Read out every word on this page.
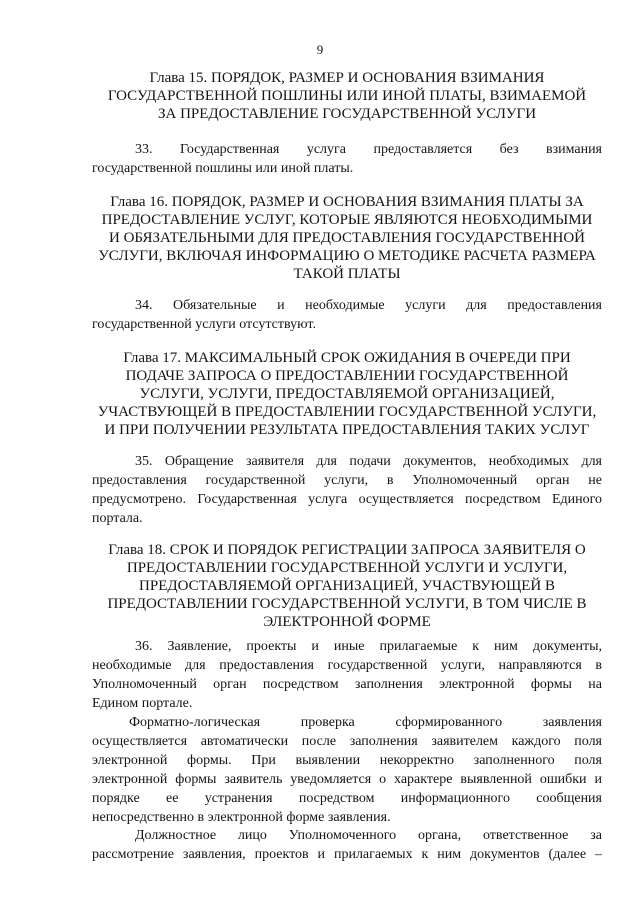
9
Глава 15. ПОРЯДОК, РАЗМЕР И ОСНОВАНИЯ ВЗИМАНИЯ
ГОСУДАРСТВЕННОЙ ПОШЛИНЫ ИЛИ ИНОЙ ПЛАТЫ, ВЗИМАЕМОЙ
ЗА ПРЕДОСТАВЛЕНИЕ ГОСУДАРСТВЕННОЙ УСЛУГИ
33. Государственная услуга предоставляется без взимания
государственной пошлины или иной платы.
Глава 16. ПОРЯДОК, РАЗМЕР И ОСНОВАНИЯ ВЗИМАНИЯ ПЛАТЫ ЗА
ПРЕДОСТАВЛЕНИЕ УСЛУГ, КОТОРЫЕ ЯВЛЯЮТСЯ НЕОБХОДИМЫМИ
И ОБЯЗАТЕЛЬНЫМИ ДЛЯ ПРЕДОСТАВЛЕНИЯ ГОСУДАРСТВЕННОЙ
УСЛУГИ, ВКЛЮЧАЯ ИНФОРМАЦИЮ О МЕТОДИКЕ РАСЧЕТА РАЗМЕРА
ТАКОЙ ПЛАТЫ
34. Обязательные и необходимые услуги для предоставления
государственной услуги отсутствуют.
Глава 17. МАКСИМАЛЬНЫЙ СРОК ОЖИДАНИЯ В ОЧЕРЕДИ ПРИ
ПОДАЧЕ ЗАПРОСА О ПРЕДОСТАВЛЕНИИ ГОСУДАРСТВЕННОЙ
УСЛУГИ, УСЛУГИ, ПРЕДОСТАВЛЯЕМОЙ ОРГАНИЗАЦИЕЙ,
УЧАСТВУЮЩЕЙ В ПРЕДОСТАВЛЕНИИ ГОСУДАРСТВЕННОЙ УСЛУГИ,
И ПРИ ПОЛУЧЕНИИ РЕЗУЛЬТАТА ПРЕДОСТАВЛЕНИЯ ТАКИХ УСЛУГ
35. Обращение заявителя для подачи документов, необходимых для
предоставления государственной услуги, в Уполномоченный орган не
предусмотрено. Государственная услуга осуществляется посредством Единого
портала.
Глава 18. СРОК И ПОРЯДОК РЕГИСТРАЦИИ ЗАПРОСА ЗАЯВИТЕЛЯ О
ПРЕДОСТАВЛЕНИИ ГОСУДАРСТВЕННОЙ УСЛУГИ И УСЛУГИ,
ПРЕДОСТАВЛЯЕМОЙ ОРГАНИЗАЦИЕЙ, УЧАСТВУЮЩЕЙ В
ПРЕДОСТАВЛЕНИИ ГОСУДАРСТВЕННОЙ УСЛУГИ, В ТОМ ЧИСЛЕ В
ЭЛЕКТРОННОЙ ФОРМЕ
36. Заявление, проекты и иные прилагаемые к ним документы,
необходимые для предоставления государственной услуги, направляются в
Уполномоченный орган посредством заполнения электронной формы на
Едином портале.
Форматно-логическая проверка сформированного заявления
осуществляется автоматически после заполнения заявителем каждого поля
электронной формы. При выявлении некорректно заполненного поля
электронной формы заявитель уведомляется о характере выявленной ошибки и
порядке ее устранения посредством информационного сообщения
непосредственно в электронной форме заявления.
Должностное лицо Уполномоченного органа, ответственное за
рассмотрение заявления, проектов и прилагаемых к ним документов (далее –
